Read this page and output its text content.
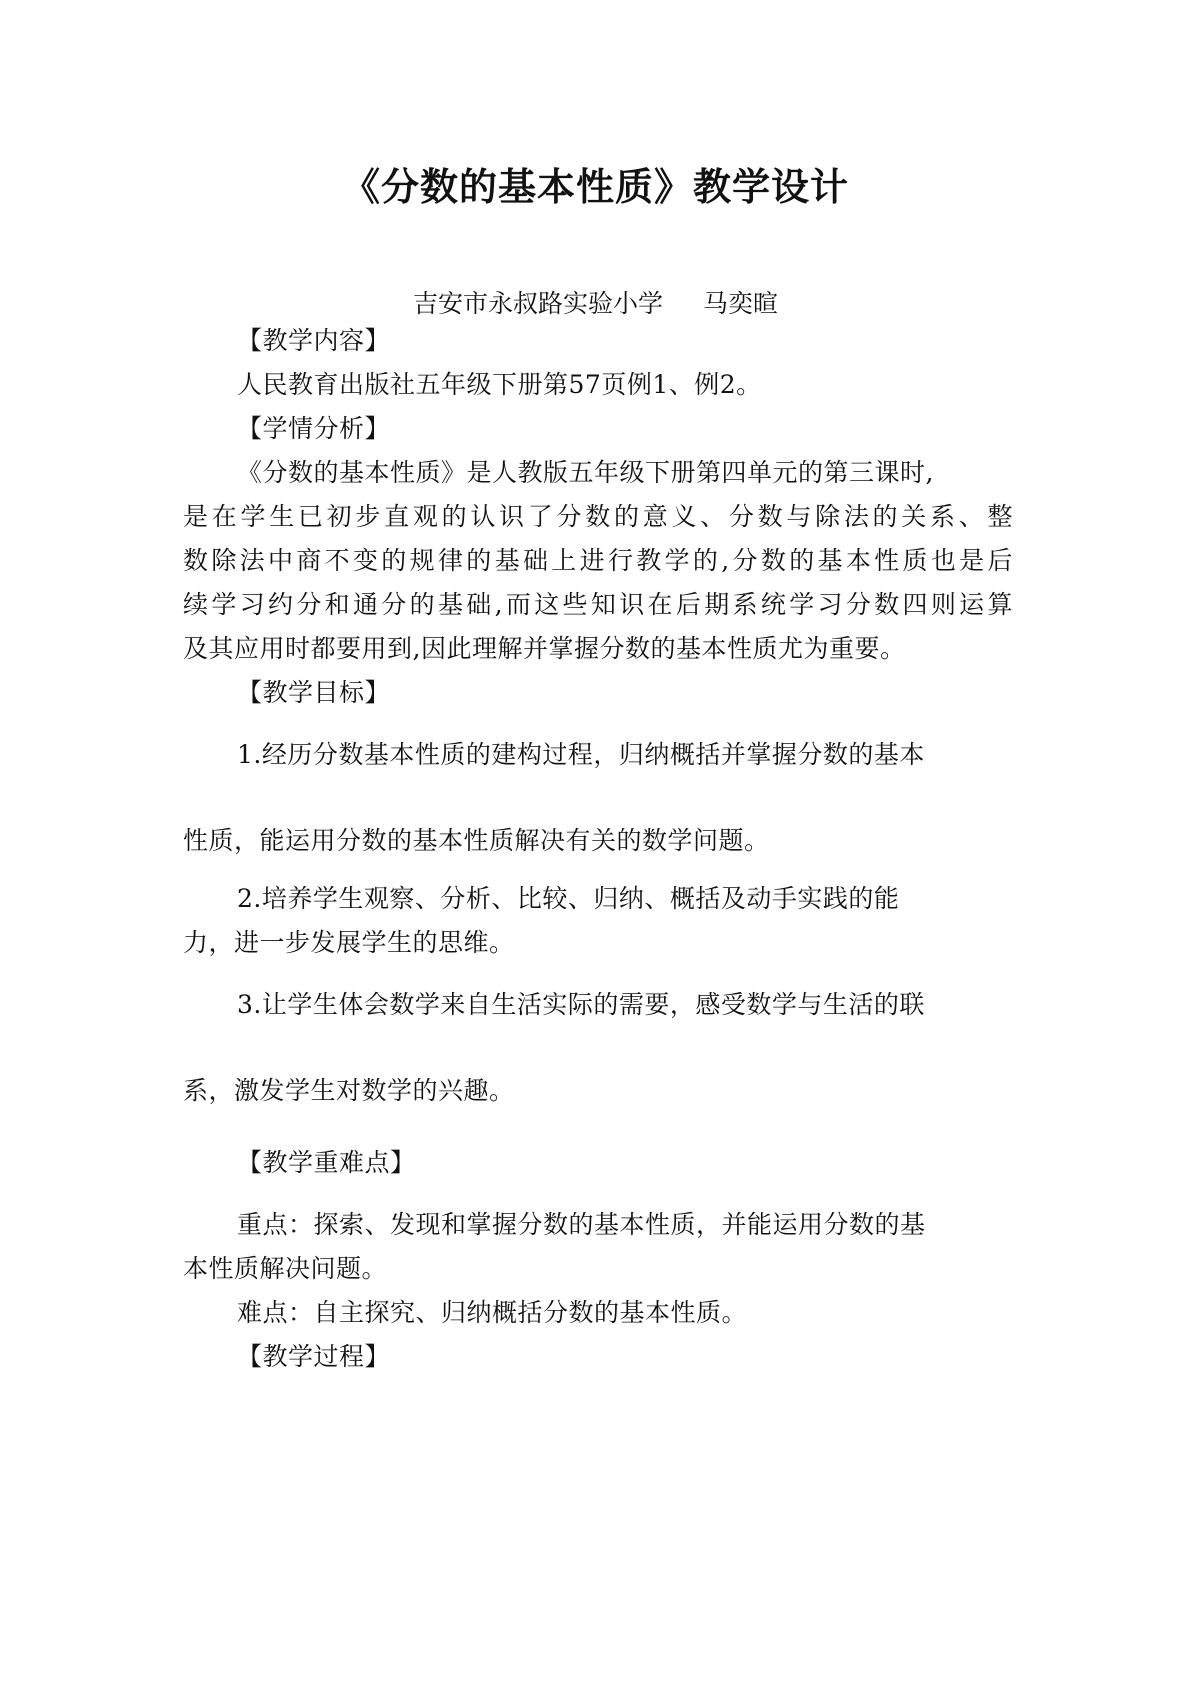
《分数的基本性质》教学设计
吉安市永叔路实验小学 马奕暄
【教学内容】
人民教育出版社五年级下册第57页例1、例2。
【学情分析】
《分数的基本性质》是人教版五年级下册第四单元的第三课时,
是在学生已初步直观的认识了分数的意义、分数与除法的关系、整
数除法中商不变的规律的基础上进行教学的,分数的基本性质也是后
续学习约分和通分的基础,而这些知识在后期系统学习分数四则运算
及其应用时都要用到,因此理解并掌握分数的基本性质尤为重要。
【教学目标】
1.经历分数基本性质的建构过程，归纳概括并掌握分数的基本
性质，能运用分数的基本性质解决有关的数学问题。
2.培养学生观察、分析、比较、归纳、概括及动手实践的能
力，进一步发展学生的思维。
3.让学生体会数学来自生活实际的需要，感受数学与生活的联
系，激发学生对数学的兴趣。
【教学重难点】
重点：探索、发现和掌握分数的基本性质，并能运用分数的基
本性质解决问题。
难点：自主探究、归纳概括分数的基本性质。
【教学过程】
